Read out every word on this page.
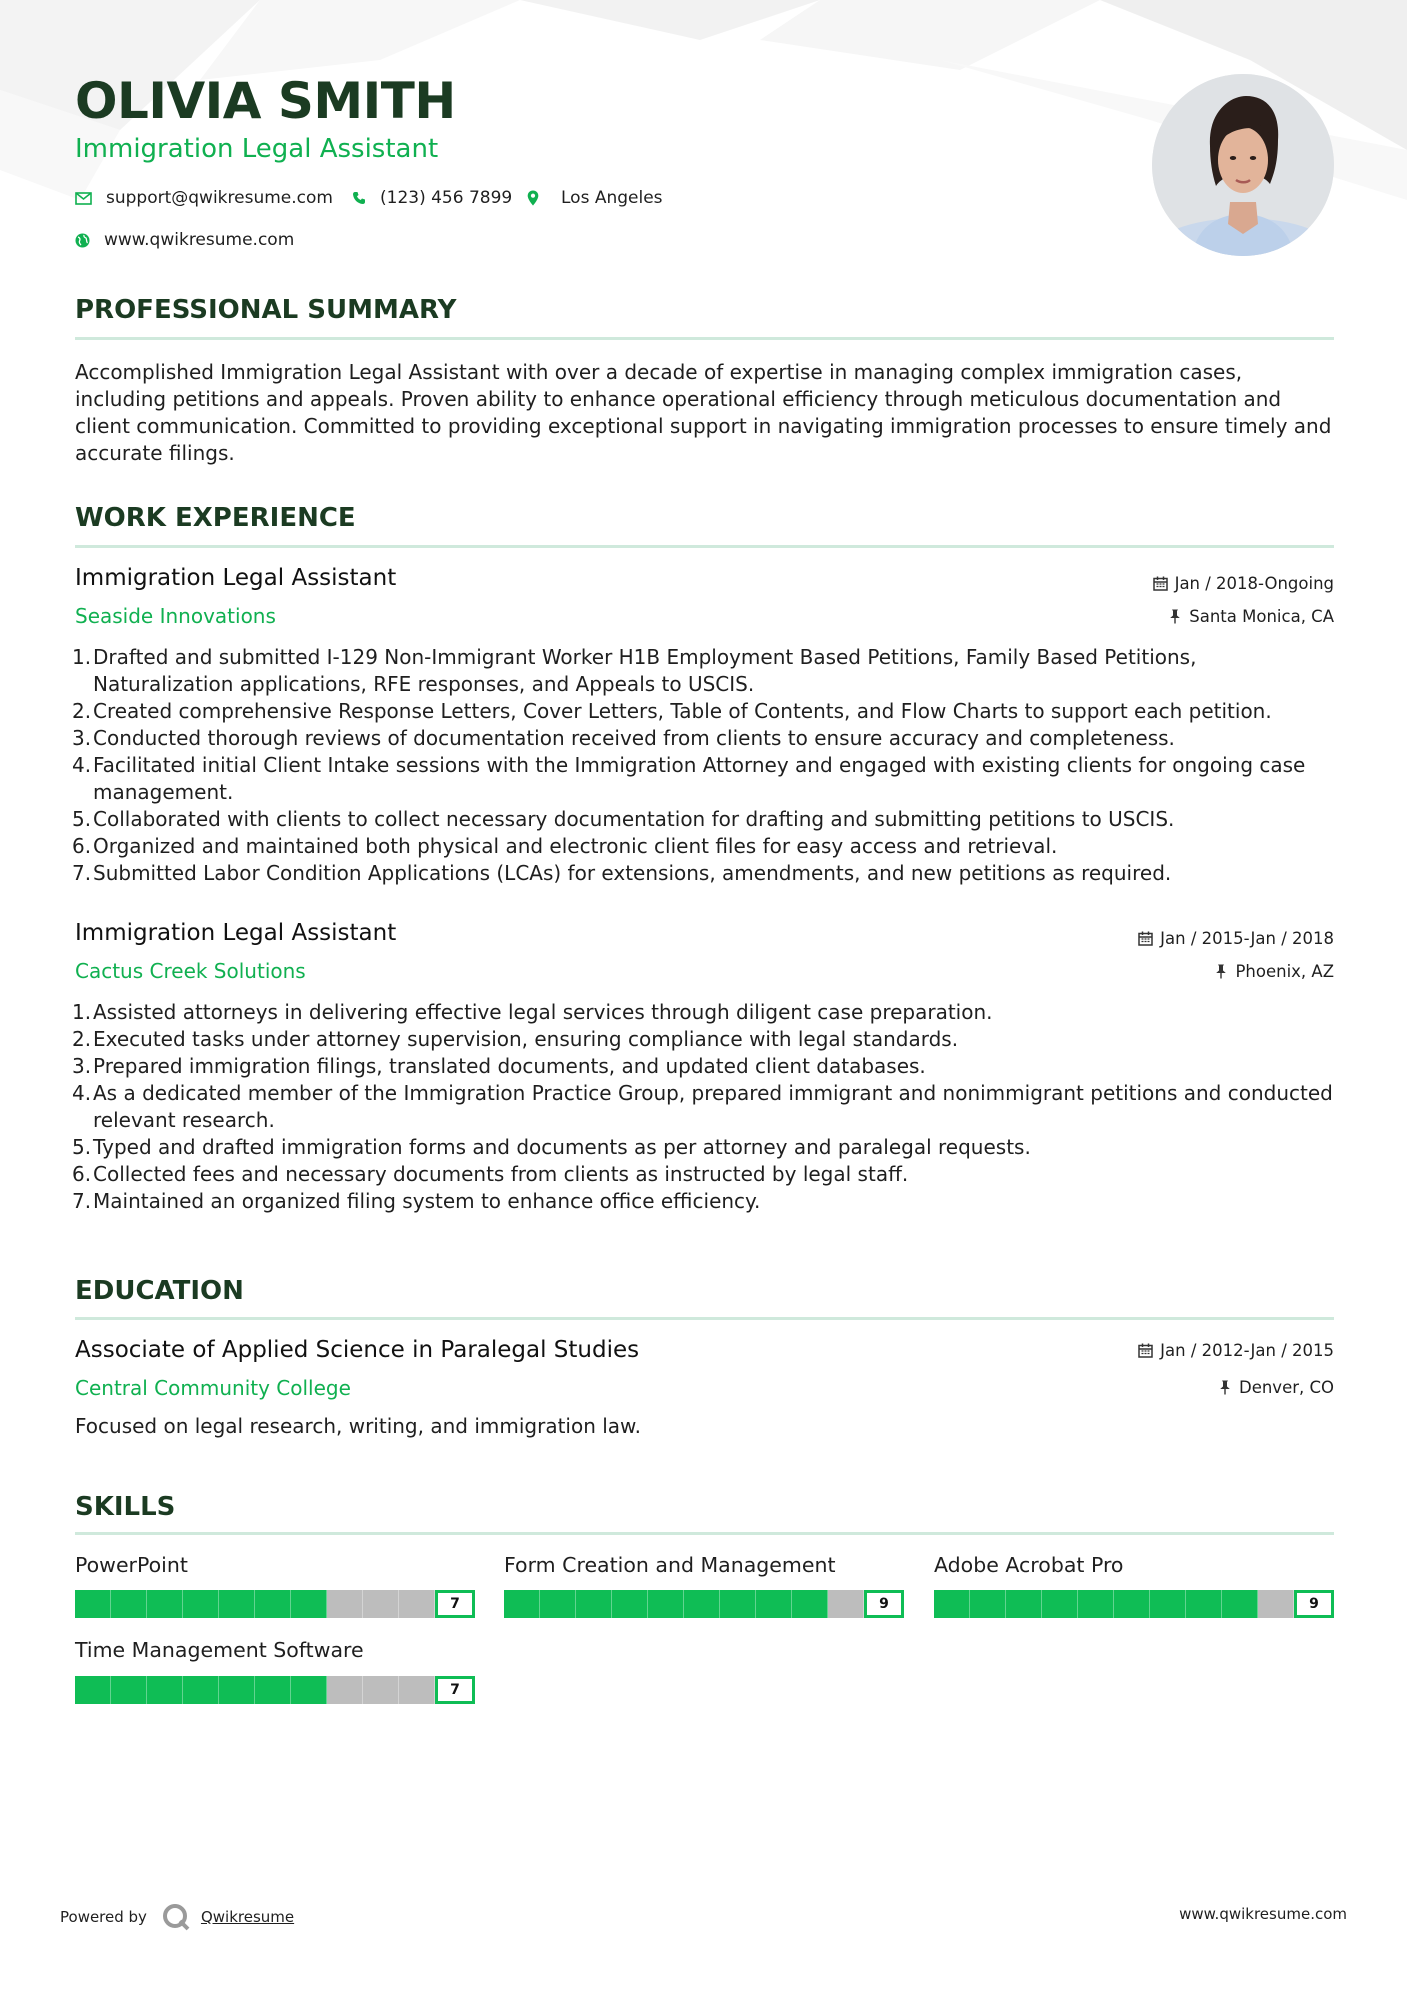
OLIVIA SMITH
Immigration Legal Assistant
support@qwikresume.com	(123) 456 7899	Los Angeles
www.qwikresume.com
PROFESSIONAL SUMMARY
Accomplished Immigration Legal Assistant with over a decade of expertise in managing complex immigration cases, including petitions and appeals. Proven ability to enhance operational efficiency through meticulous documentation and client communication. Committed to providing exceptional support in navigating immigration processes to ensure timely and accurate filings.
WORK EXPERIENCE
Immigration Legal Assistant
Seaside Innovations
Jan / 2018-Ongoing
Santa Monica, CA
1. Drafted and submitted I-129 Non-Immigrant Worker H1B Employment Based Petitions, Family Based Petitions, Naturalization applications, RFE responses, and Appeals to USCIS.
2. Created comprehensive Response Letters, Cover Letters, Table of Contents, and Flow Charts to support each petition.
3. Conducted thorough reviews of documentation received from clients to ensure accuracy and completeness.
4. Facilitated initial Client Intake sessions with the Immigration Attorney and engaged with existing clients for ongoing case management.
5. Collaborated with clients to collect necessary documentation for drafting and submitting petitions to USCIS.
6. Organized and maintained both physical and electronic client files for easy access and retrieval.
7. Submitted Labor Condition Applications (LCAs) for extensions, amendments, and new petitions as required.
Immigration Legal Assistant
Cactus Creek Solutions
Jan / 2015-Jan / 2018
Phoenix, AZ
1. Assisted attorneys in delivering effective legal services through diligent case preparation.
2. Executed tasks under attorney supervision, ensuring compliance with legal standards.
3. Prepared immigration filings, translated documents, and updated client databases.
4. As a dedicated member of the Immigration Practice Group, prepared immigrant and nonimmigrant petitions and conducted relevant research.
5. Typed and drafted immigration forms and documents as per attorney and paralegal requests.
6. Collected fees and necessary documents from clients as instructed by legal staff.
7. Maintained an organized filing system to enhance office efficiency.
EDUCATION
Associate of Applied Science in Paralegal Studies
Central Community College
Jan / 2012-Jan / 2015
Denver, CO
Focused on legal research, writing, and immigration law.
SKILLS
PowerPoint
7
Form Creation and Management
9
Adobe Acrobat Pro
9
Time Management Software
7
Powered by	Qwikresume	www.qwikresume.com
